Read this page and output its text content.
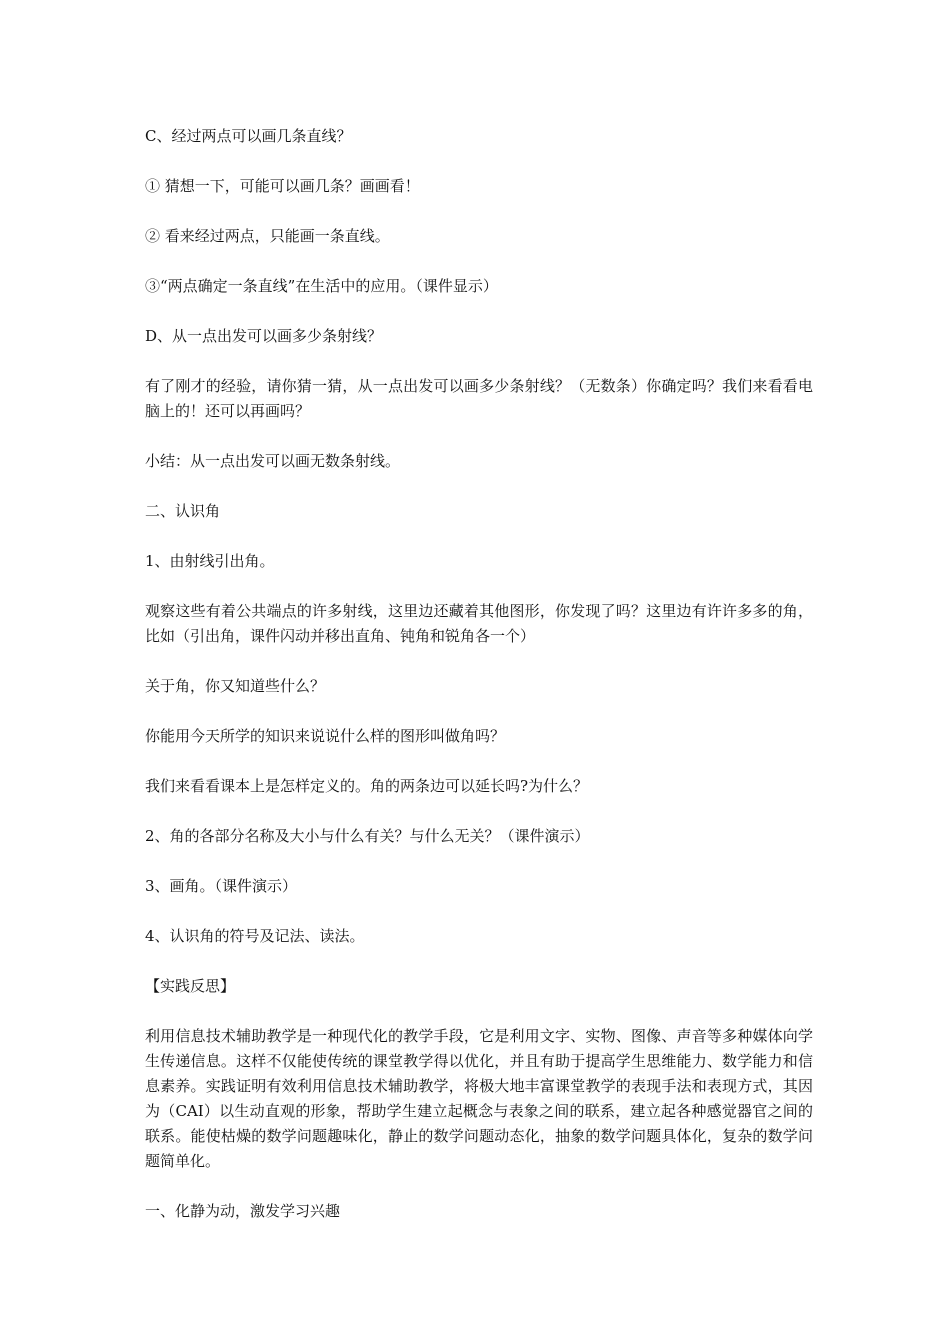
C、经过两点可以画几条直线？

① 猜想一下，可能可以画几条？画画看！

② 看来经过两点，只能画一条直线。

③“两点确定一条直线”在生活中的应用。（课件显示）

D、从一点出发可以画多少条射线？

有了刚才的经验，请你猜一猜，从一点出发可以画多少条射线？（无数条）你确定吗？我们来看看电脑上的！还可以再画吗？

小结：从一点出发可以画无数条射线。

二、认识角

1、由射线引出角。

观察这些有着公共端点的许多射线，这里边还藏着其他图形，你发现了吗？这里边有许许多多的角，比如（引出角，课件闪动并移出直角、钝角和锐角各一个）

关于角，你又知道些什么？

你能用今天所学的知识来说说什么样的图形叫做角吗？

我们来看看课本上是怎样定义的。角的两条边可以延长吗?为什么？

2、角的各部分名称及大小与什么有关？与什么无关？（课件演示）

3、画角。（课件演示）

4、认识角的符号及记法、读法。

【实践反思】

利用信息技术辅助教学是一种现代化的教学手段，它是利用文字、实物、图像、声音等多种媒体向学生传递信息。这样不仅能使传统的课堂教学得以优化，并且有助于提高学生思维能力、数学能力和信息素养。实践证明有效利用信息技术辅助教学，将极大地丰富课堂教学的表现手法和表现方式，其因为（CAI）以生动直观的形象，帮助学生建立起概念与表象之间的联系，建立起各种感觉器官之间的联系。能使枯燥的数学问题趣味化，静止的数学问题动态化，抽象的数学问题具体化，复杂的数学问题简单化。

一、化静为动，激发学习兴趣
